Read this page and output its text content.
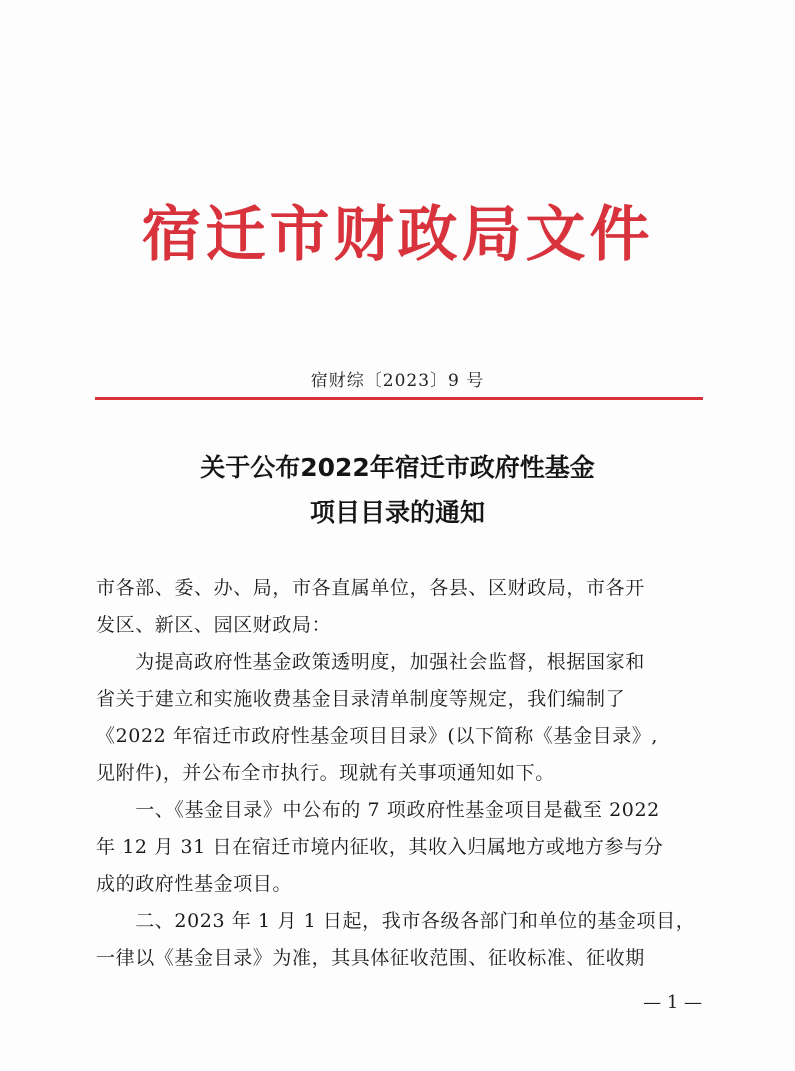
宿迁市财政局文件
宿财综〔2023〕9 号
关于公布2022年宿迁市政府性基金
项目目录的通知
市各部、委、办、局，市各直属单位，各县、区财政局，市各开
发区、新区、园区财政局：
　　为提高政府性基金政策透明度，加强社会监督，根据国家和
省关于建立和实施收费基金目录清单制度等规定，我们编制了
《2022 年宿迁市政府性基金项目目录》(以下简称《基金目录》,
见附件)，并公布全市执行。现就有关事项通知如下。
　　一、《基金目录》中公布的 7 项政府性基金项目是截至 2022
年 12 月 31 日在宿迁市境内征收，其收入归属地方或地方参与分
成的政府性基金项目。
　　二、2023 年 1 月 1 日起，我市各级各部门和单位的基金项目，
一律以《基金目录》为准，其具体征收范围、征收标准、征收期
— 1 —
